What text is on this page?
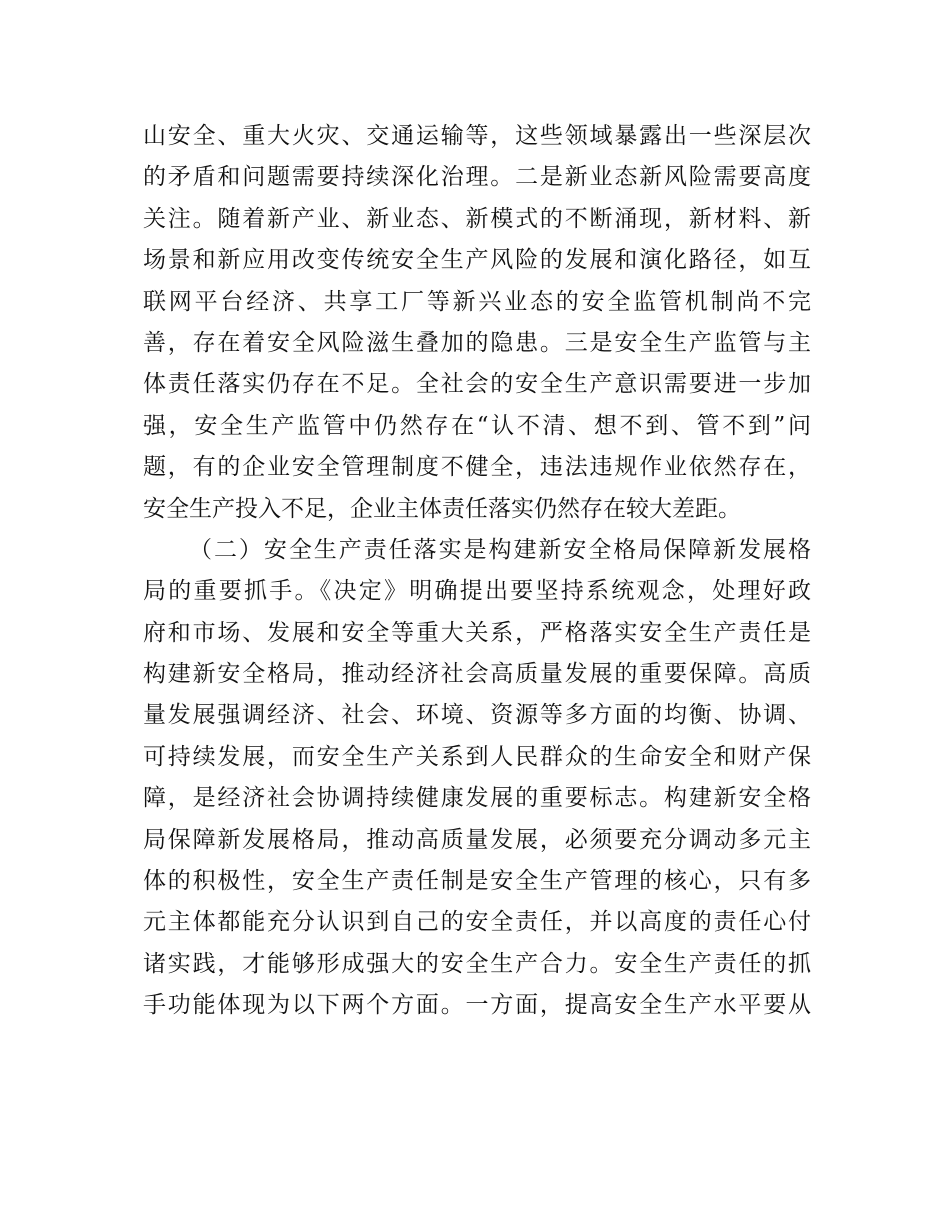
山安全、重大火灾、交通运输等，这些领域暴露出一些深层次
的矛盾和问题需要持续深化治理。二是新业态新风险需要高度
关注。随着新产业、新业态、新模式的不断涌现，新材料、新
场景和新应用改变传统安全生产风险的发展和演化路径，如互
联网平台经济、共享工厂等新兴业态的安全监管机制尚不完
善，存在着安全风险滋生叠加的隐患。三是安全生产监管与主
体责任落实仍存在不足。全社会的安全生产意识需要进一步加
强，安全生产监管中仍然存在“认不清、想不到、管不到”问
题，有的企业安全管理制度不健全，违法违规作业依然存在，
安全生产投入不足，企业主体责任落实仍然存在较大差距。
（二）安全生产责任落实是构建新安全格局保障新发展格
局的重要抓手。《决定》明确提出要坚持系统观念，处理好政
府和市场、发展和安全等重大关系，严格落实安全生产责任是
构建新安全格局，推动经济社会高质量发展的重要保障。高质
量发展强调经济、社会、环境、资源等多方面的均衡、协调、
可持续发展，而安全生产关系到人民群众的生命安全和财产保
障，是经济社会协调持续健康发展的重要标志。构建新安全格
局保障新发展格局，推动高质量发展，必须要充分调动多元主
体的积极性，安全生产责任制是安全生产管理的核心，只有多
元主体都能充分认识到自己的安全责任，并以高度的责任心付
诸实践，才能够形成强大的安全生产合力。安全生产责任的抓
手功能体现为以下两个方面。一方面，提高安全生产水平要从
